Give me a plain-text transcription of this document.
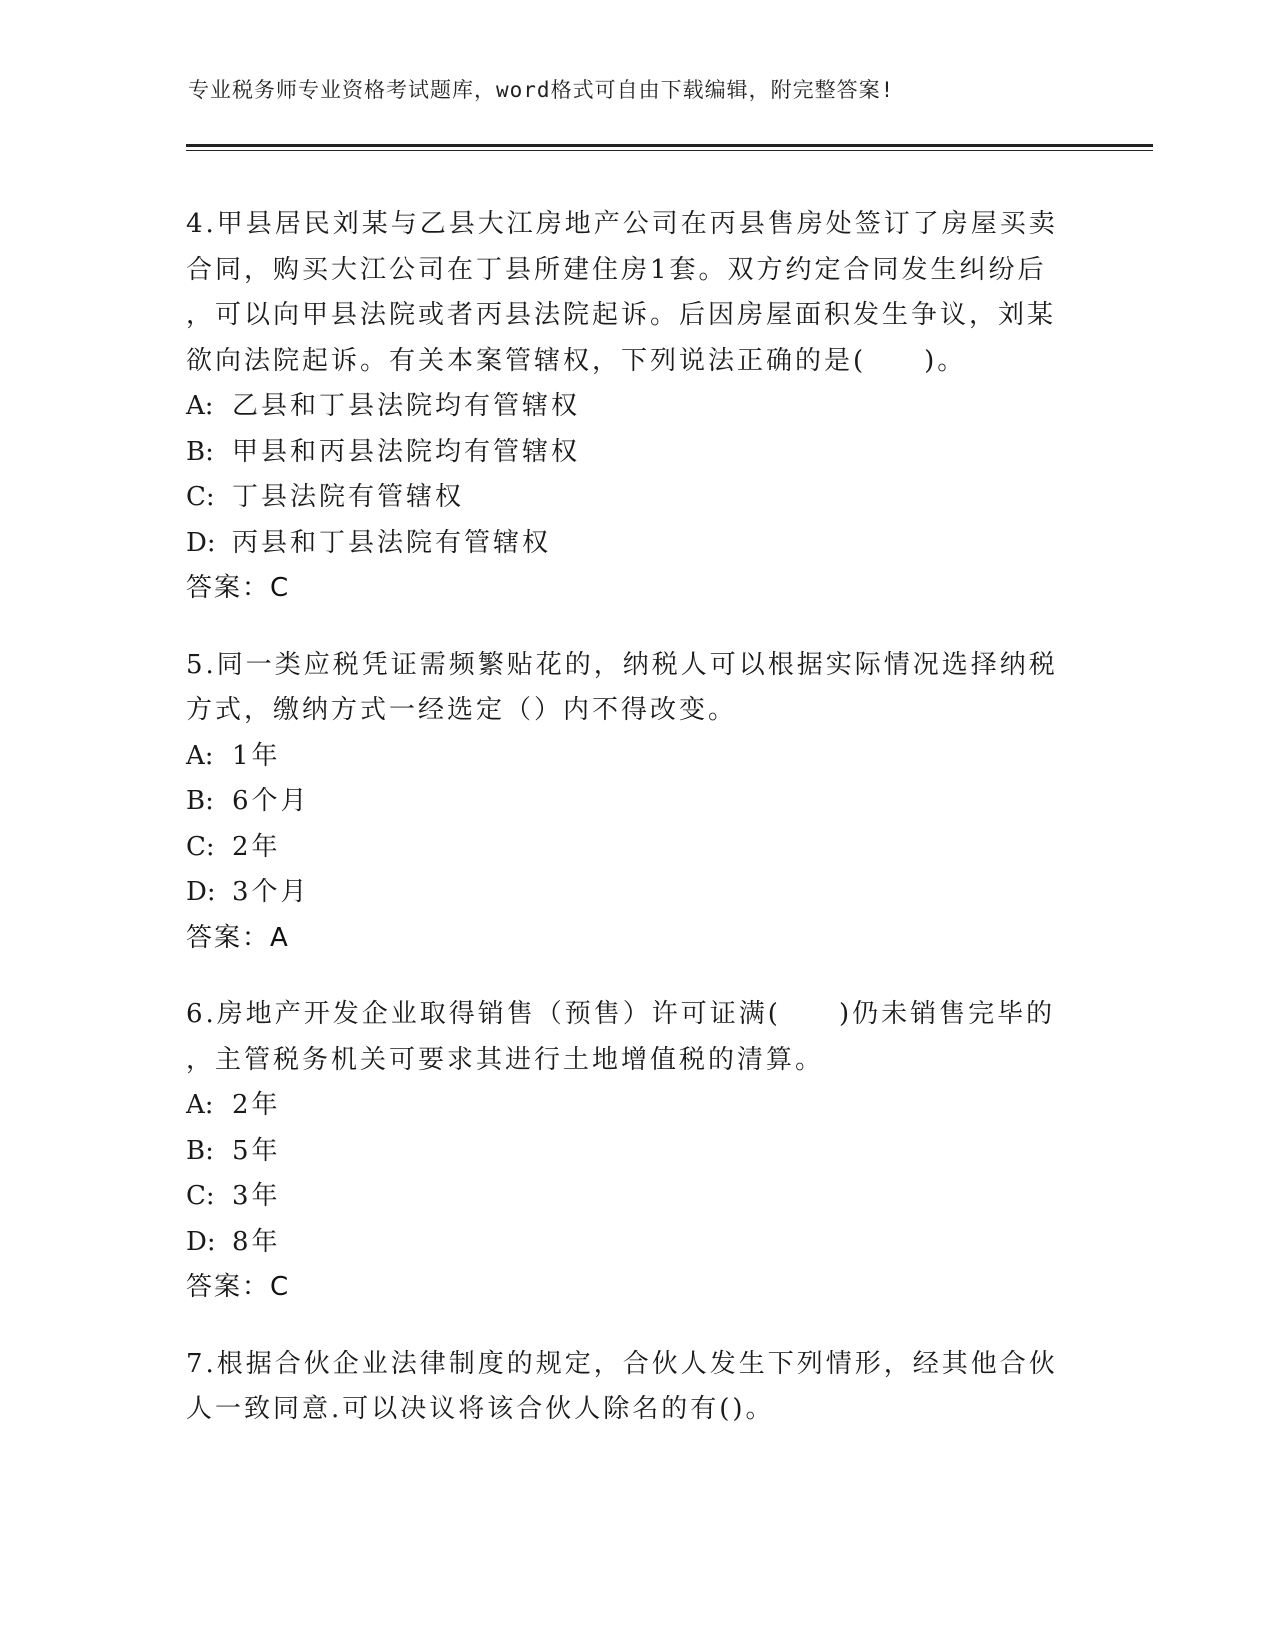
专业税务师专业资格考试题库，word格式可自由下载编辑，附完整答案!
4.甲县居民刘某与乙县大江房地产公司在丙县售房处签订了房屋买卖
合同，购买大江公司在丁县所建住房1套。双方约定合同发生纠纷后
，可以向甲县法院或者丙县法院起诉。后因房屋面积发生争议，刘某
欲向法院起诉。有关本案管辖权，下列说法正确的是(　　)。
A: 乙县和丁县法院均有管辖权
B: 甲县和丙县法院均有管辖权
C: 丁县法院有管辖权
D: 丙县和丁县法院有管辖权
答案：C
5.同一类应税凭证需频繁贴花的，纳税人可以根据实际情况选择纳税
方式，缴纳方式一经选定（）内不得改变。
A: 1年
B: 6个月
C: 2年
D: 3个月
答案：A
6.房地产开发企业取得销售（预售）许可证满(　　)仍未销售完毕的
，主管税务机关可要求其进行土地增值税的清算。
A: 2年
B: 5年
C: 3年
D: 8年
答案：C
7.根据合伙企业法律制度的规定，合伙人发生下列情形，经其他合伙
人一致同意.可以决议将该合伙人除名的有()。
